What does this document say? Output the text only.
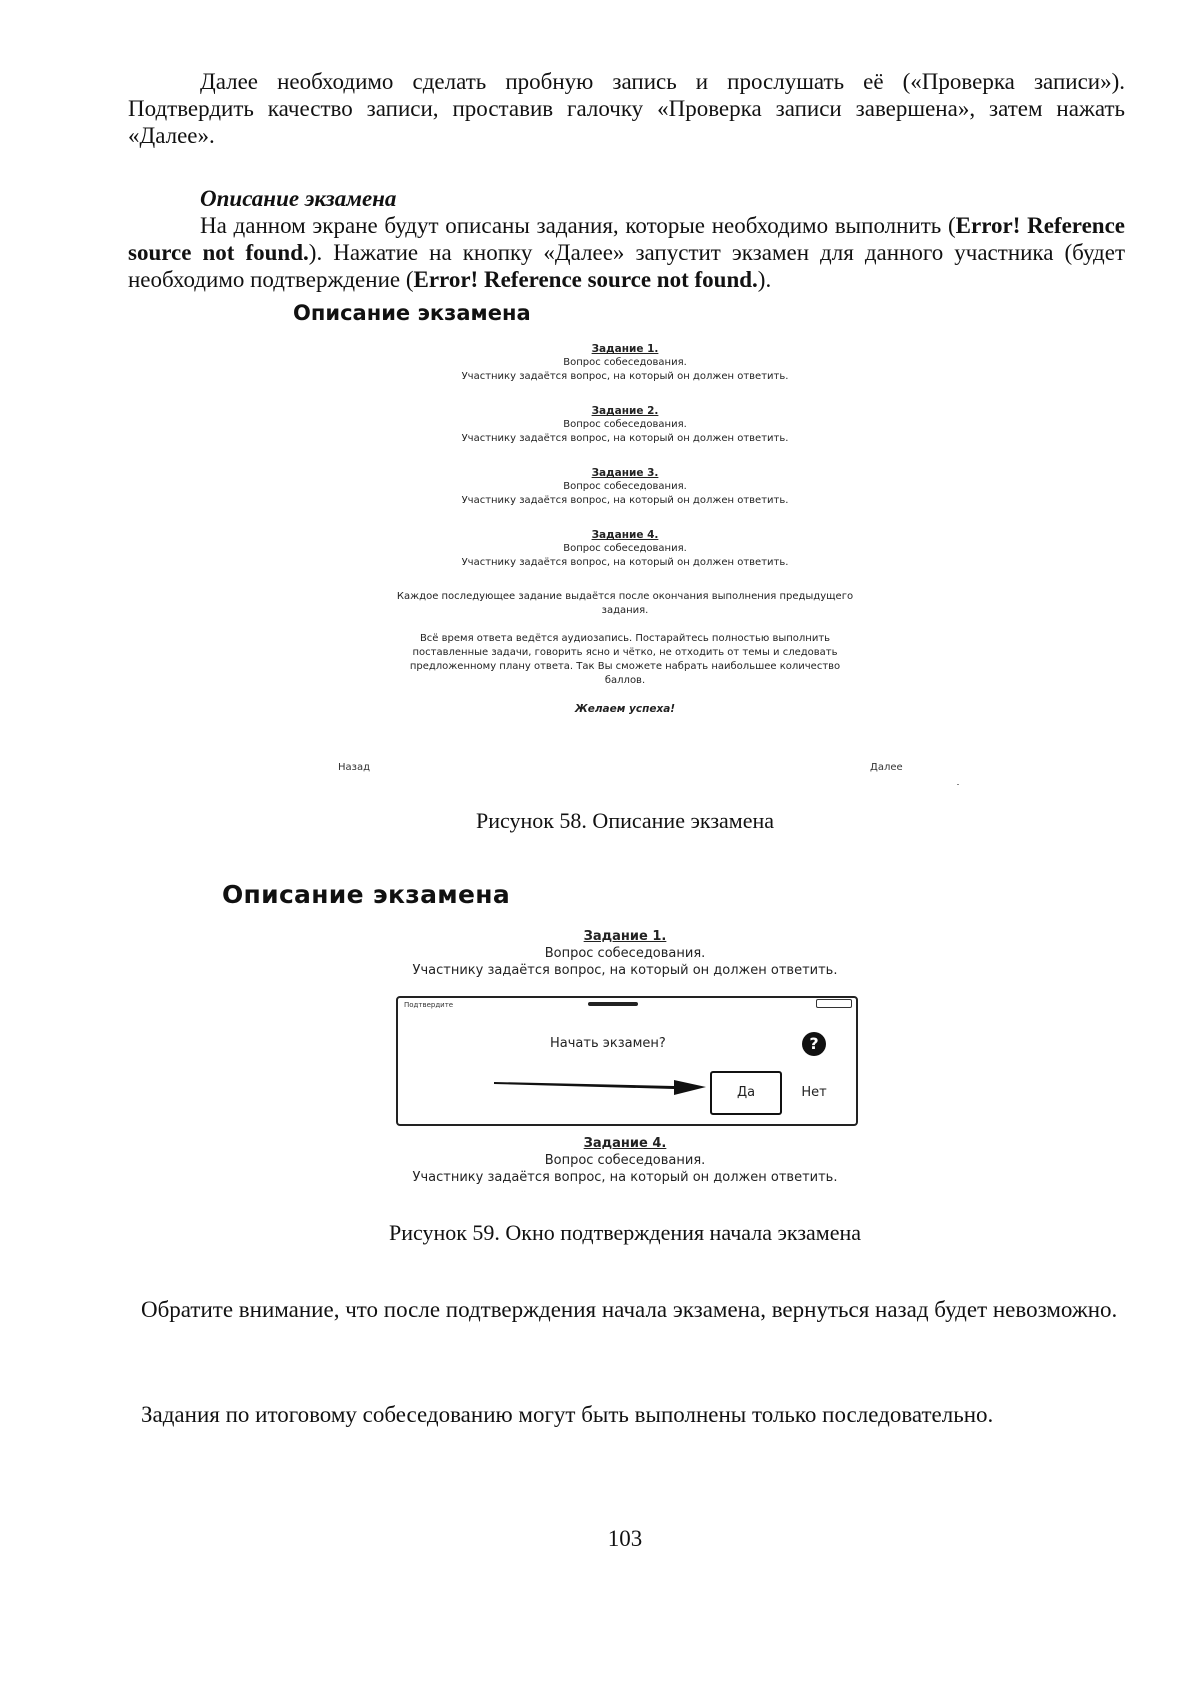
Далее необходимо сделать пробную запись и прослушать её («Проверка записи»). Подтвердить качество записи, проставив галочку «Проверка записи завершена», затем нажать «Далее».

Описание экзамена

На данном экране будут описаны задания, которые необходимо выполнить (Error! Reference source not found.). Нажатие на кнопку «Далее» запустит экзамен для данного участника (будет необходимо подтверждение (Error! Reference source not found.).

Описание экзамена
Задание 1.
Вопрос собеседования.
Участнику задаётся вопрос, на который он должен ответить.
Задание 2.
Вопрос собеседования.
Участнику задаётся вопрос, на который он должен ответить.
Задание 3.
Вопрос собеседования.
Участнику задаётся вопрос, на который он должен ответить.
Задание 4.
Вопрос собеседования.
Участнику задаётся вопрос, на который он должен ответить.
Каждое последующее задание выдаётся после окончания выполнения предыдущего задания.
Всё время ответа ведётся аудиозапись. Постарайтесь полностью выполнить поставленные задачи, говорить ясно и чётко, не отходить от темы и следовать предложенному плану ответа. Так Вы сможете набрать наибольшее количество баллов.
Желаем успеха!
Назад	Далее
Рисунок 58. Описание экзамена
Описание экзамена
Задание 1.
Вопрос собеседования.
Участнику задаётся вопрос, на который он должен ответить.
Подтвердите
Начать экзамен?	?
Да	Нет
Задание 4.
Вопрос собеседования.
Участнику задаётся вопрос, на который он должен ответить.
Рисунок 59. Окно подтверждения начала экзамена

Обратите внимание, что после подтверждения начала экзамена, вернуться назад будет невозможно.

Задания по итоговому собеседованию могут быть выполнены только последовательно.

103
